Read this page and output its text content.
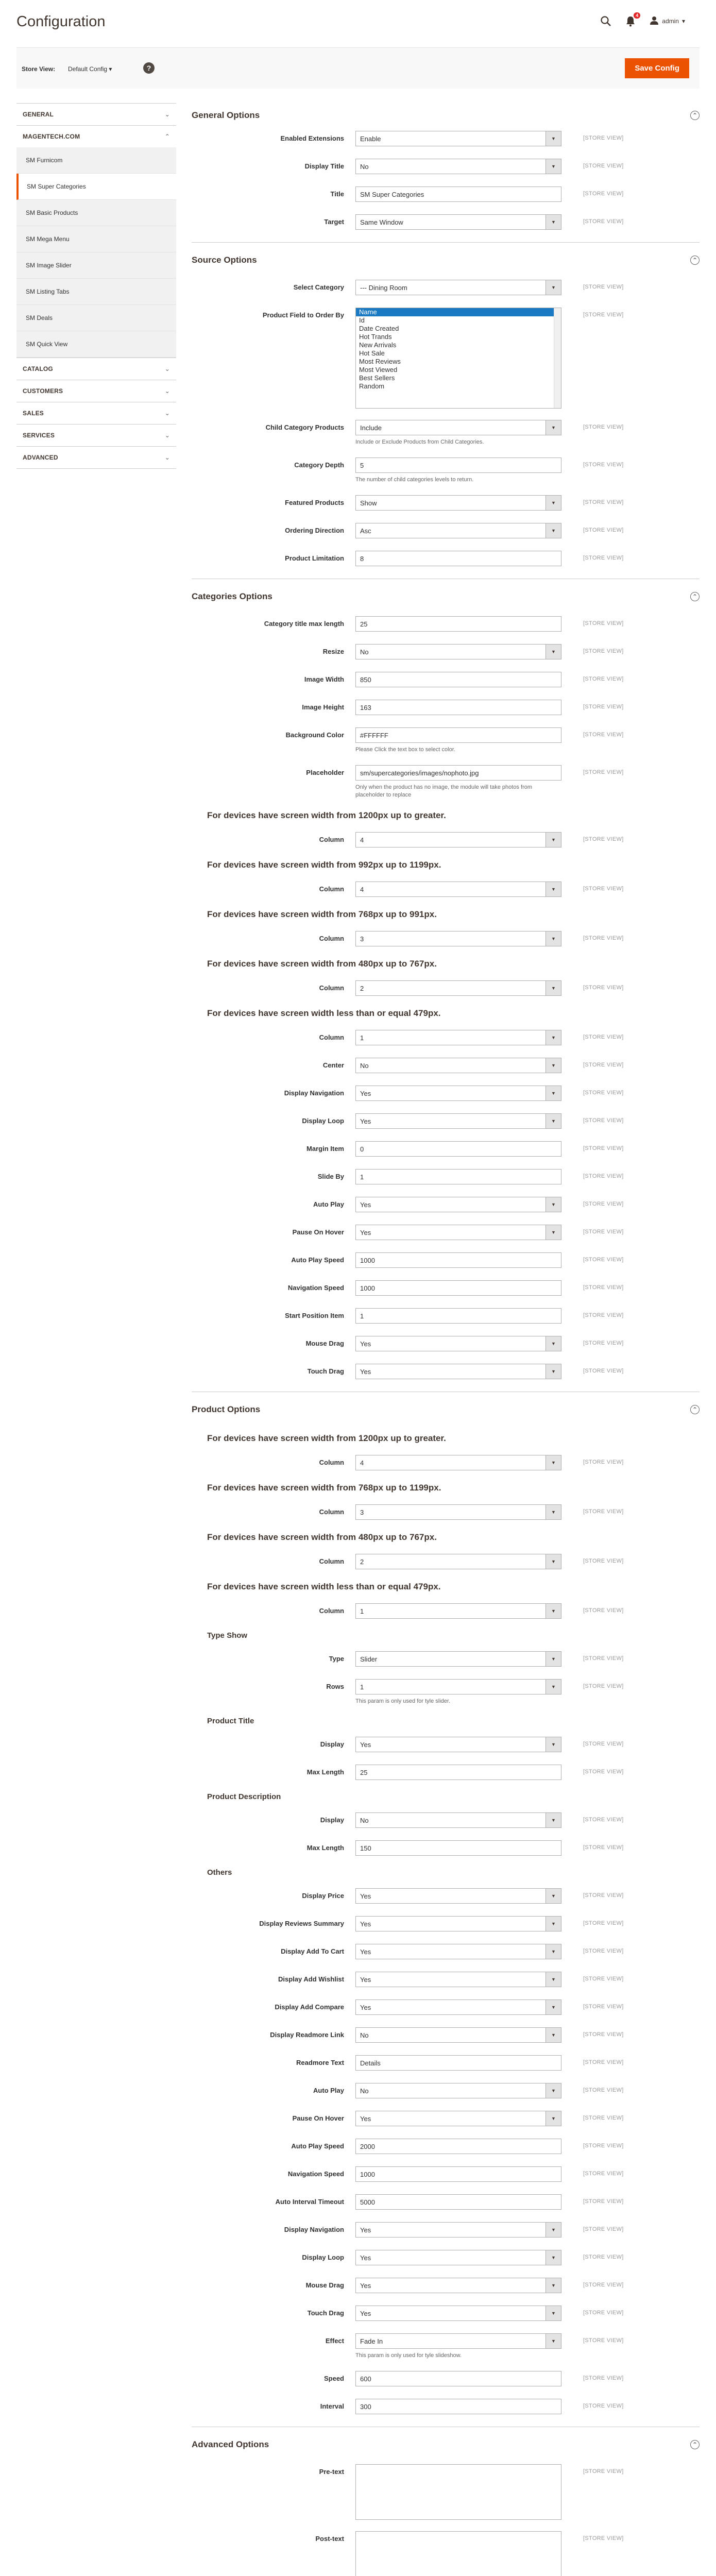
Configuration	4
admin ▾
Store View: Default Config ▾	?	Save Config
GENERAL	⌄
MAGENTECH.COM	⌃
SM Furnicom
SM Super Categories
SM Basic Products
SM Mega Menu
SM Image Slider
SM Listing Tabs
SM Deals
SM Quick View
CATALOG	⌄
CUSTOMERS	⌄
SALES	⌄
SERVICES	⌄
ADVANCED	⌄
General Options	⌃
Enabled Extensions	Enable	▼	[STORE VIEW]
Display Title	No	▼	[STORE VIEW]
Title	SM Super Categories	[STORE VIEW]
Target	Same Window	▼	[STORE VIEW]
Source Options	⌃
Select Category	--- Dining Room	▼	[STORE VIEW]
Product Field to Order By	Name
Id
Date Created
Hot Trands
New Arrivals
Hot Sale
Most Reviews
Most Viewed
Best Sellers
Random
[STORE VIEW]
Child Category Products	Include	▼
Include or Exclude Products from Child Categories.
[STORE VIEW]
Category Depth	5
The number of child categories levels to return.
[STORE VIEW]
Featured Products	Show	▼	[STORE VIEW]
Ordering Direction	Asc	▼	[STORE VIEW]
Product Limitation	8	[STORE VIEW]
Categories Options	⌃
Category title max length	25	[STORE VIEW]
Resize	No	▼	[STORE VIEW]
Image Width	850	[STORE VIEW]
Image Height	163	[STORE VIEW]
Background Color	#FFFFFF
Please Click the text box to select color.
[STORE VIEW]
Placeholder	sm/supercategories/images/nophoto.jpg
Only when the product has no image, the module will take photos from placeholder to replace
[STORE VIEW]
For devices have screen width from 1200px up to greater.
Column	4	▼	[STORE VIEW]
For devices have screen width from 992px up to 1199px.
Column	4	▼	[STORE VIEW]
For devices have screen width from 768px up to 991px.
Column	3	▼	[STORE VIEW]
For devices have screen width from 480px up to 767px.
Column	2	▼	[STORE VIEW]
For devices have screen width less than or equal 479px.
Column	1	▼	[STORE VIEW]
Center	No	▼	[STORE VIEW]
Display Navigation	Yes	▼	[STORE VIEW]
Display Loop	Yes	▼	[STORE VIEW]
Margin Item	0	[STORE VIEW]
Slide By	1	[STORE VIEW]
Auto Play	Yes	▼	[STORE VIEW]
Pause On Hover	Yes	▼	[STORE VIEW]
Auto Play Speed	1000	[STORE VIEW]
Navigation Speed	1000	[STORE VIEW]
Start Position Item	1	[STORE VIEW]
Mouse Drag	Yes	▼	[STORE VIEW]
Touch Drag	Yes	▼	[STORE VIEW]
Product Options	⌃
For devices have screen width from 1200px up to greater.
Column	4	▼	[STORE VIEW]
For devices have screen width from 768px up to 1199px.
Column	3	▼	[STORE VIEW]
For devices have screen width from 480px up to 767px.
Column	2	▼	[STORE VIEW]
For devices have screen width less than or equal 479px.
Column	1	▼	[STORE VIEW]
Type Show
Type	Slider	▼	[STORE VIEW]
Rows	1	▼
This param is only used for tyle slider.
[STORE VIEW]
Product Title
Display	Yes	▼	[STORE VIEW]
Max Length	25	[STORE VIEW]
Product Description
Display	No	▼	[STORE VIEW]
Max Length	150	[STORE VIEW]
Others
Display Price	Yes	▼	[STORE VIEW]
Display Reviews Summary	Yes	▼	[STORE VIEW]
Display Add To Cart	Yes	▼	[STORE VIEW]
Display Add Wishlist	Yes	▼	[STORE VIEW]
Display Add Compare	Yes	▼	[STORE VIEW]
Display Readmore Link	No	▼	[STORE VIEW]
Readmore Text	Details	[STORE VIEW]
Auto Play	No	▼	[STORE VIEW]
Pause On Hover	Yes	▼	[STORE VIEW]
Auto Play Speed	2000	[STORE VIEW]
Navigation Speed	1000	[STORE VIEW]
Auto Interval Timeout	5000	[STORE VIEW]
Display Navigation	Yes	▼	[STORE VIEW]
Display Loop	Yes	▼	[STORE VIEW]
Mouse Drag	Yes	▼	[STORE VIEW]
Touch Drag	Yes	▼	[STORE VIEW]
Effect	Fade In	▼
This param is only used for tyle slideshow.
[STORE VIEW]
Speed	600	[STORE VIEW]
Interval	300	[STORE VIEW]
Advanced Options	⌃
Pre-text	[STORE VIEW]
Post-text	[STORE VIEW]
